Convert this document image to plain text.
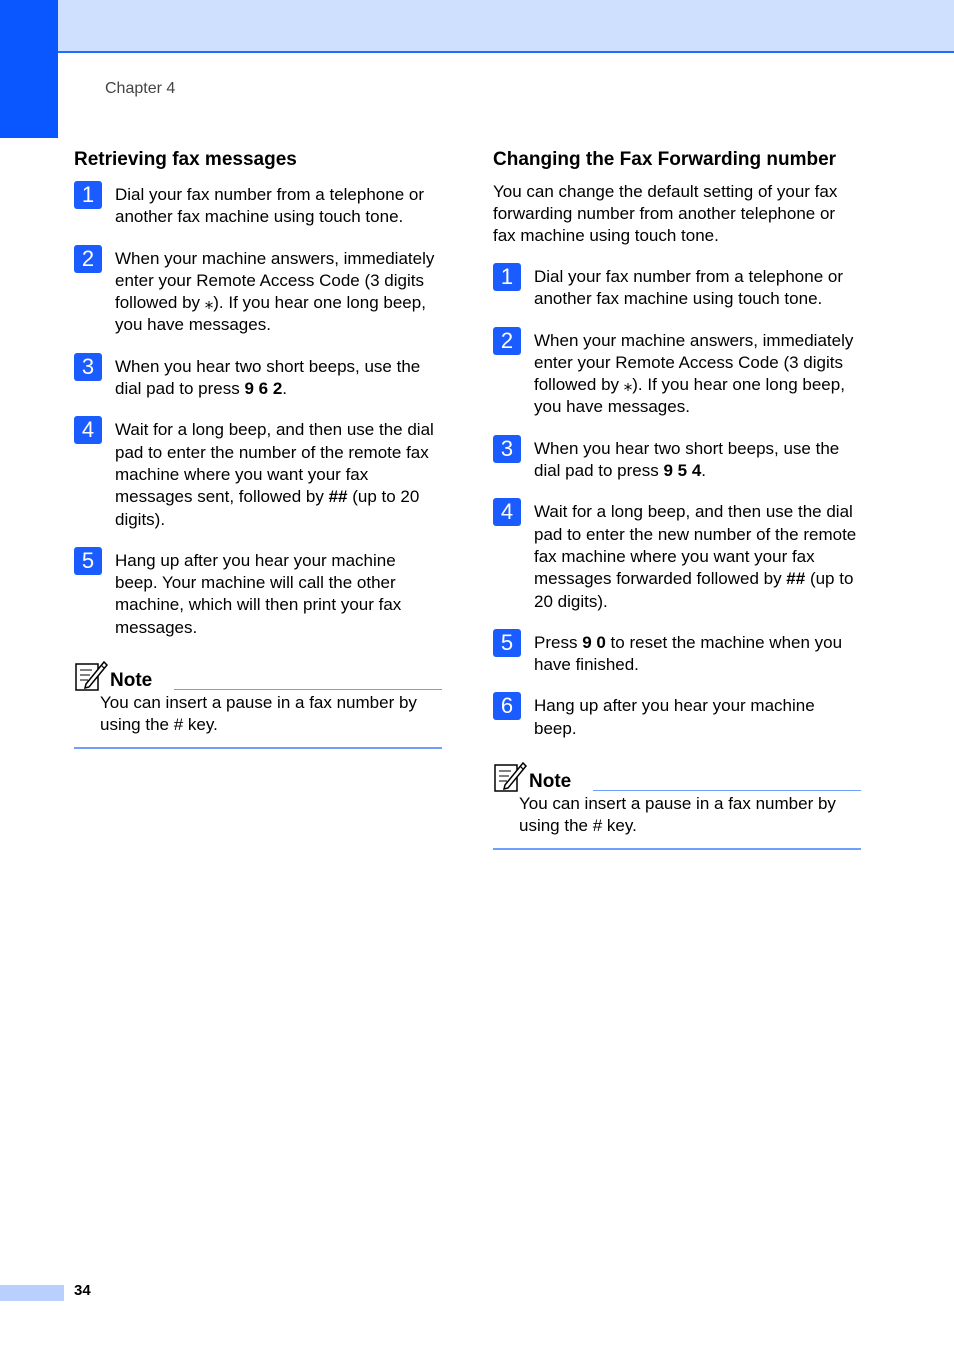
Chapter 4
Retrieving fax messages
1	Dial your fax number from a telephone or another fax machine using touch tone.
2	When your machine answers, immediately enter your Remote Access Code (3 digits followed by ⁎). If you hear one long beep, you have messages.
3	When you hear two short beeps, use the dial pad to press 9 6 2.
4	Wait for a long beep, and then use the dial pad to enter the number of the remote fax machine where you want your fax messages sent, followed by ## (up to 20 digits).
5	Hang up after you hear your machine beep. Your machine will call the other machine, which will then print your fax messages.
Note
You can insert a pause in a fax number by using the # key.
Changing the Fax Forwarding number

You can change the default setting of your fax forwarding number from another telephone or fax machine using touch tone.

1	Dial your fax number from a telephone or another fax machine using touch tone.
2	When your machine answers, immediately enter your Remote Access Code (3 digits followed by ⁎). If you hear one long beep, you have messages.
3	When you hear two short beeps, use the dial pad to press 9 5 4.
4	Wait for a long beep, and then use the dial pad to enter the new number of the remote fax machine where you want your fax messages forwarded followed by ## (up to 20 digits).
5	Press 9 0 to reset the machine when you have finished.
6	Hang up after you hear your machine beep.
Note
You can insert a pause in a fax number by using the # key.
34
